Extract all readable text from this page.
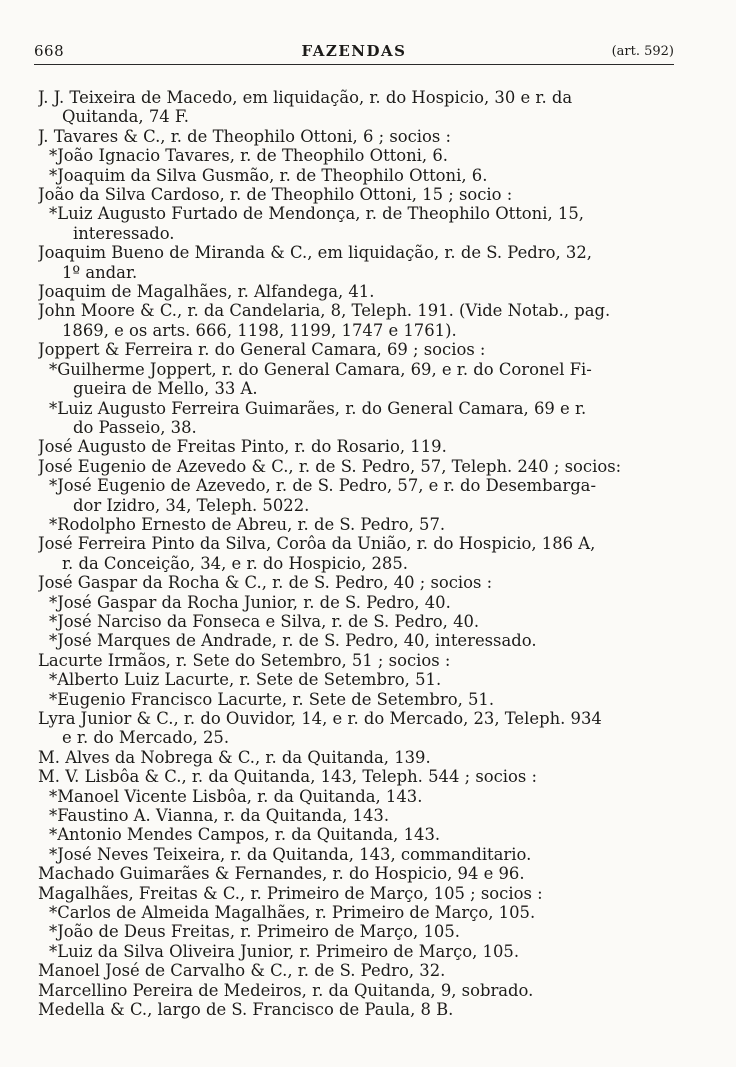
668	FAZENDAS	(art. 592)
J. J. Teixeira de Macedo, em liquidação, r. do Hospicio, 30 e r. da
Quitanda, 74 F.
J. Tavares & C., r. de Theophilo Ottoni, 6 ; socios :
*João Ignacio Tavares, r. de Theophilo Ottoni, 6.
*Joaquim da Silva Gusmão, r. de Theophilo Ottoni, 6.
João da Silva Cardoso, r. de Theophilo Ottoni, 15 ; socio :
*Luiz Augusto Furtado de Mendonça, r. de Theophilo Ottoni, 15,
interessado.
Joaquim Bueno de Miranda & C., em liquidação, r. de S. Pedro, 32,
1º andar.
Joaquim de Magalhães, r. Alfandega, 41.
John Moore & C., r. da Candelaria, 8, Teleph. 191. (Vide Notab., pag.
1869, e os arts. 666, 1198, 1199, 1747 e 1761).
Joppert & Ferreira r. do General Camara, 69 ; socios :
*Guilherme Joppert, r. do General Camara, 69, e r. do Coronel Fi-
gueira de Mello, 33 A.
*Luiz Augusto Ferreira Guimarães, r. do General Camara, 69 e r.
do Passeio, 38.
José Augusto de Freitas Pinto, r. do Rosario, 119.
José Eugenio de Azevedo & C., r. de S. Pedro, 57, Teleph. 240 ; socios:
*José Eugenio de Azevedo, r. de S. Pedro, 57, e r. do Desembarga-
dor Izidro, 34, Teleph. 5022.
*Rodolpho Ernesto de Abreu, r. de S. Pedro, 57.
José Ferreira Pinto da Silva, Corôa da União, r. do Hospicio, 186 A,
r. da Conceição, 34, e r. do Hospicio, 285.
José Gaspar da Rocha & C., r. de S. Pedro, 40 ; socios :
*José Gaspar da Rocha Junior, r. de S. Pedro, 40.
*José Narciso da Fonseca e Silva, r. de S. Pedro, 40.
*José Marques de Andrade, r. de S. Pedro, 40, interessado.
Lacurte Irmãos, r. Sete do Setembro, 51 ; socios :
*Alberto Luiz Lacurte, r. Sete de Setembro, 51.
*Eugenio Francisco Lacurte, r. Sete de Setembro, 51.
Lyra Junior & C., r. do Ouvidor, 14, e r. do Mercado, 23, Teleph. 934
e r. do Mercado, 25.
M. Alves da Nobrega & C., r. da Quitanda, 139.
M. V. Lisbôa & C., r. da Quitanda, 143, Teleph. 544 ; socios :
*Manoel Vicente Lisbôa, r. da Quitanda, 143.
*Faustino A. Vianna, r. da Quitanda, 143.
*Antonio Mendes Campos, r. da Quitanda, 143.
*José Neves Teixeira, r. da Quitanda, 143, commanditario.
Machado Guimarães & Fernandes, r. do Hospicio, 94 e 96.
Magalhães, Freitas & C., r. Primeiro de Março, 105 ; socios :
*Carlos de Almeida Magalhães, r. Primeiro de Março, 105.
*João de Deus Freitas, r. Primeiro de Março, 105.
*Luiz da Silva Oliveira Junior, r. Primeiro de Março, 105.
Manoel José de Carvalho & C., r. de S. Pedro, 32.
Marcellino Pereira de Medeiros, r. da Quitanda, 9, sobrado.
Medella & C., largo de S. Francisco de Paula, 8 B.
